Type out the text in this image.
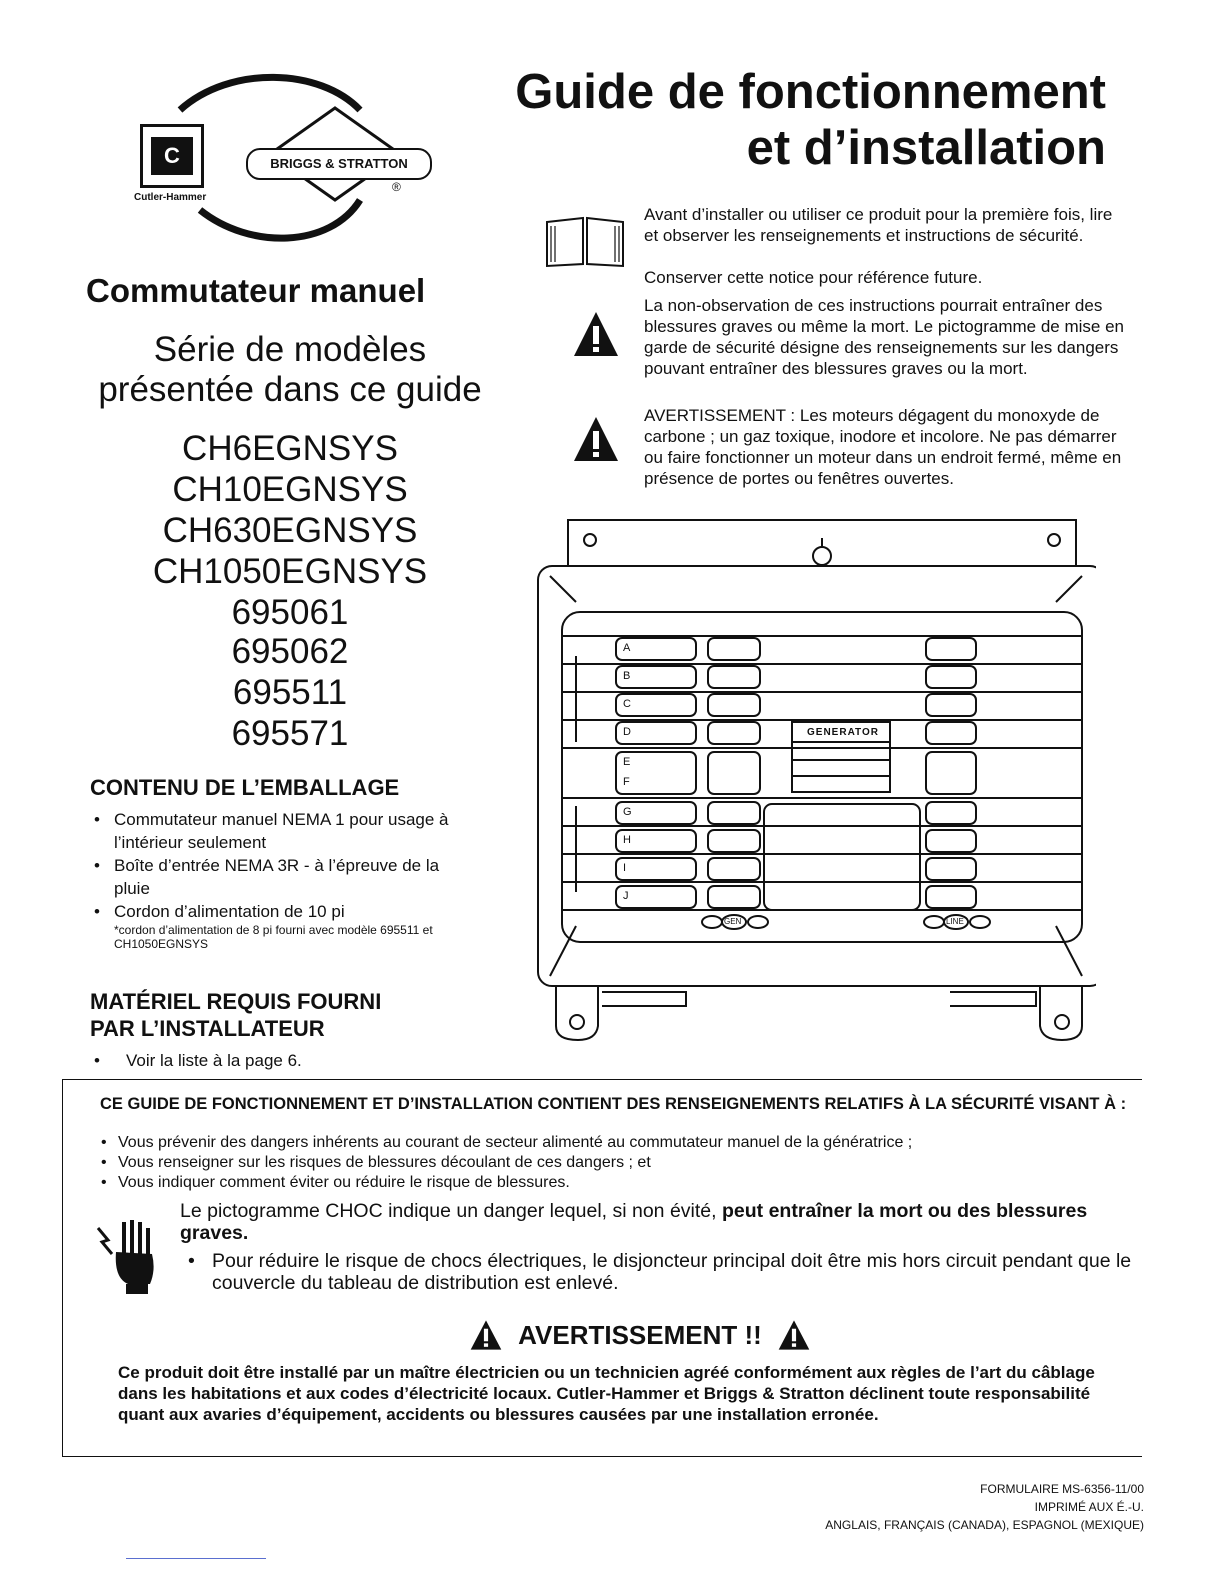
C
Cutler-Hammer
BRIGGS & STRATTON
®
Guide de fonctionnement
et d’installation
Commutateur manuel
Série de modèles
présentée dans ce guide
CH6EGNSYS
CH10EGNSYS
CH630EGNSYS
CH1050EGNSYS
695061
695062
695511
695571
CONTENU DE L’EMBALLAGE
• Commutateur manuel NEMA 1 pour usage à l’intérieur seulement
• Boîte d’entrée NEMA 3R - à l’épreuve de la pluie
• Cordon d’alimentation de 10 pi
*cordon d’alimentation de 8 pi fourni avec modèle 695511 et CH1050EGNSYS
MATÉRIEL REQUIS FOURNI
PAR L’INSTALLATEUR
• Voir la liste à la page 6.
Avant d’installer ou utiliser ce produit pour la première fois, lire et observer les renseignements et instructions de sécurité.
Conserver cette notice pour référence future.
La non-observation de ces instructions pourrait entraîner des blessures graves ou même la mort. Le pictogramme de mise en garde de sécurité désigne des renseignements sur les dangers pouvant entraîner des blessures graves ou la mort.
AVERTISSEMENT : Les moteurs dégagent du monoxyde de carbone ; un gaz toxique, inodore et incolore. Ne pas démarrer ou faire fonctionner un moteur dans un endroit fermé, même en présence de portes ou fenêtres ouvertes.
GENERATOR
A
B
C
D
E
F
G
H
I
J
GEN	LINE
CE GUIDE DE FONCTIONNEMENT ET D’INSTALLATION CONTIENT DES RENSEIGNEMENTS RELATIFS À LA SÉCURITÉ VISANT À :
• Vous prévenir des dangers inhérents au courant de secteur alimenté au commutateur manuel de la génératrice ;
• Vous renseigner sur les risques de blessures découlant de ces dangers ; et
• Vous indiquer comment éviter ou réduire le risque de blessures.
Le pictogramme CHOC indique un danger lequel, si non évité, peut entraîner la mort ou des blessures graves.
• Pour réduire le risque de chocs électriques, le disjoncteur principal doit être mis hors circuit pendant que le couvercle du tableau de distribution est enlevé.
AVERTISSEMENT !!
Ce produit doit être installé par un maître électricien ou un technicien agréé conformément aux règles de l’art du câblage dans les habitations et aux codes d’électricité locaux. Cutler-Hammer et Briggs & Stratton déclinent toute responsabilité quant aux avaries d’équipement, accidents ou blessures causées par une installation erronée.
FORMULAIRE MS-6356-11/00
IMPRIMÉ AUX É.-U.
ANGLAIS, FRANÇAIS (CANADA), ESPAGNOL (MEXIQUE)
